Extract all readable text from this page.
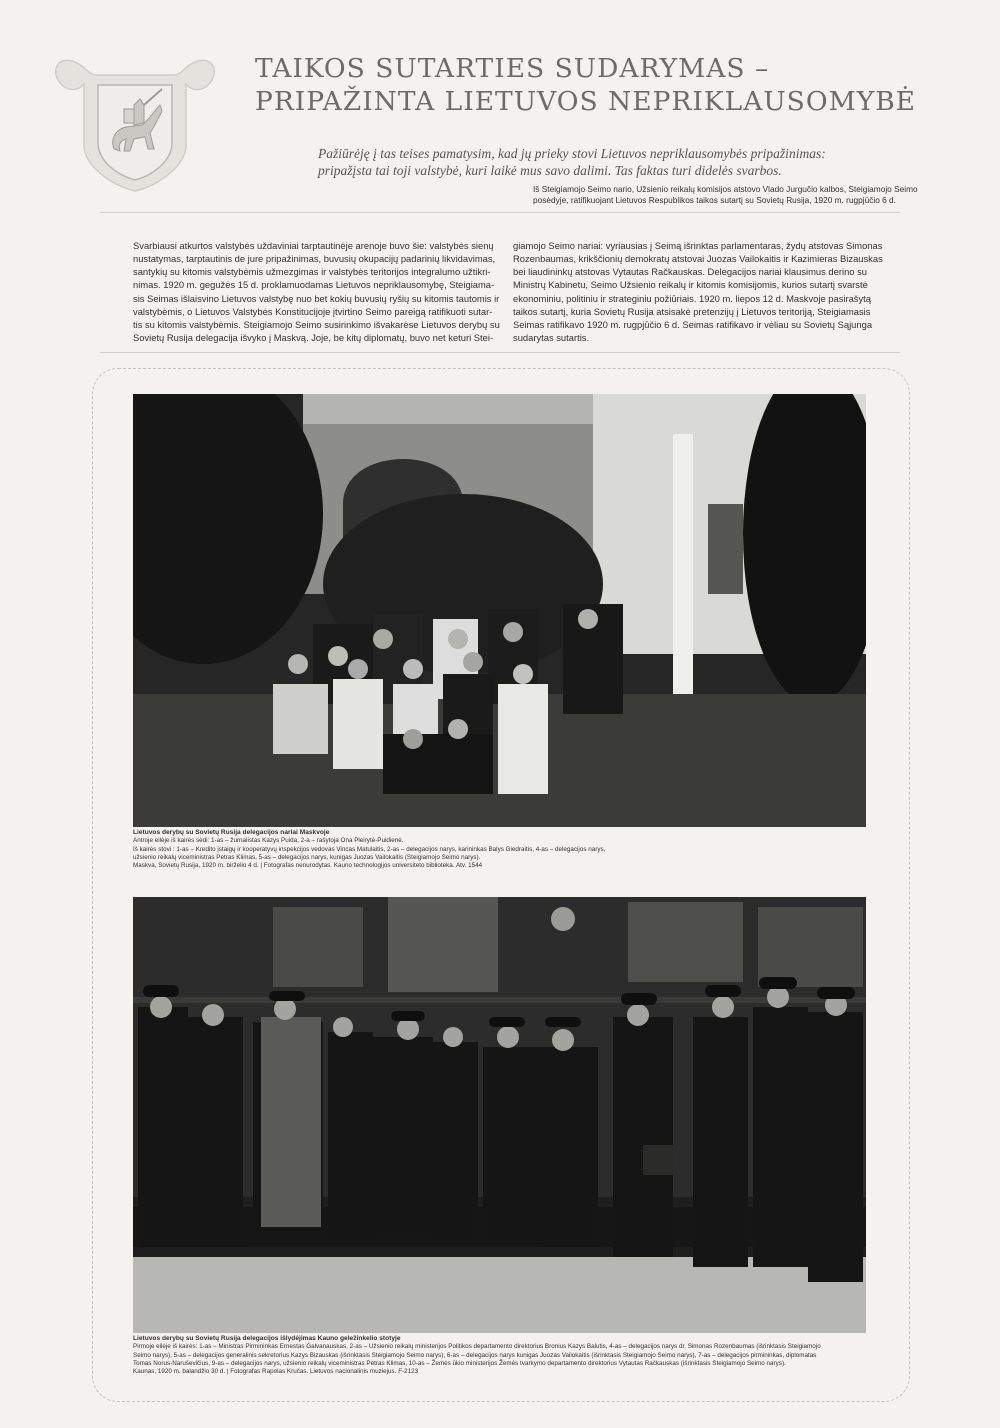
TAIKOS SUTARTIES SUDARYMAS –
PRIPAŽINTA LIETUVOS NEPRIKLAUSOMYBĖ
Pažiūrėję į tas teises pamatysim, kad jų prieky stovi Lietuvos nepriklausomybės pripažinimas:
pripažįsta tai toji valstybė, kuri laikė mus savo dalimi. Tas faktas turi didelės svarbos.
Iš Steigiamojo Seimo nario, Užsienio reikalų komisijos atstovo Vlado Jurgučio kalbos, Steigiamojo Seimo
posėdyje, ratifikuojant Lietuvos Respublikos taikos sutartį su Sovietų Rusija, 1920 m. rugpjūčio 6 d.
Svarbiausi atkurtos valstybės uždaviniai tarptautinėje arenoje buvo šie: valstybės sienų
nustatymas, tarptautinis de jure pripažinimas, buvusių okupacijų padarinių likvidavimas,
santykių su kitomis valstybėmis užmezgimas ir valstybės teritorijos integralumo užtikri-
nimas. 1920 m. gegužės 15 d. proklamuodamas Lietuvos nepriklausomybę, Steigiama-
sis Seimas išlaisvino Lietuvos valstybę nuo bet kokių buvusių ryšių su kitomis tautomis ir
valstybėmis, o Lietuvos Valstybės Konstitucijoje įtvirtino Seimo pareigą ratifikuoti sutar-
tis su kitomis valstybėmis. Steigiamojo Seimo susirinkimo išvakarėse Lietuvos derybų su
Sovietų Rusija delegacija išvyko į Maskvą. Joje, be kitų diplomatų, buvo net keturi Stei-
giamojo Seimo nariai: vyriausias į Seimą išrinktas parlamentaras, žydų atstovas Simonas
Rozenbaumas, krikščionių demokratų atstovai Juozas Vailokaitis ir Kazimieras Bizauskas
bei liaudininkų atstovas Vytautas Račkauskas. Delegacijos nariai klausimus derino su
Ministrų Kabinetu, Seimo Užsienio reikalų ir kitomis komisijomis, kurios sutartį svarstė
ekonominiu, politiniu ir strateginiu požiūriais. 1920 m. liepos 12 d. Maskvoje pasirašytą
taikos sutartį, kuria Sovietų Rusija atsisakė pretenzijų į Lietuvos teritoriją, Steigiamasis
Seimas ratifikavo 1920 m. rugpjūčio 6 d. Seimas ratifikavo ir vėliau su Sovietų Sąjunga
sudarytas sutartis.
Lietuvos derybų su Sovietų Rusija delegacijos nariai Maskvoje
Antroje eilėje iš kairės sėdi: 1-as – žurnalistas Kazys Puida, 2-a – rašytoja Ona Pleirytė-Puidienė.
Iš kairės stovi : 1-as – Kredito įstaigų ir kooperatyvų inspekcijos vedovas Vincas Matulaitis, 2-as – delegacijos narys, karininkas Balys Giedraitis, 4-as – delegacijos narys,
užsienio reikalų viceministras Petras Klimas, 5-as – delegacijos narys, kunigas Juozas Vailokaitis (Steigiamojo Seimo narys).
Maskva, Sovietų Rusija, 1920 m. birželio 4 d. | Fotografas nenurodytas. Kauno technologijos universiteto biblioteka. Atv. 1544
Lietuvos derybų su Sovietų Rusija delegacijos išlydėjimas Kauno geležinkelio stotyje
Pirmoje eilėje iš kairės: 1-as – Ministras Pirmininkas Ernestas Galvanauskas, 2-as – Užsienio reikalų ministerijos Politikos departamento direktorius Bronius Kazys Balutis, 4-as – delegacijos narys dr. Simonas Rozenbaumas (išrinktasis Steigiamojo
Seimo narys), 5-as – delegacijos generalinis sekretorius Kazys Bizauskas (išrinktasis Steigiamojo Seimo narys), 6-as – delegacijos narys kunigas Juozas Vailokaitis (išrinktasis Steigiamojo Seimo narys), 7-as – delegacijos pirmininkas, diplomatas
Tomas Norus-Naruševičius, 9-as – delegacijos narys, užsienio reikalų viceministras Petras Klimas, 10-as – Žemės ūkio ministerijos Žemės tvarkymo departamento direktorius Vytautas Račkauskas (išrinktasis Steigiamojo Seimo narys).
Kaunas, 1920 m. balandžio 30 d. | Fotografas Rapolas Kručas. Lietuvos nacionalinis muziejus. F-2123
